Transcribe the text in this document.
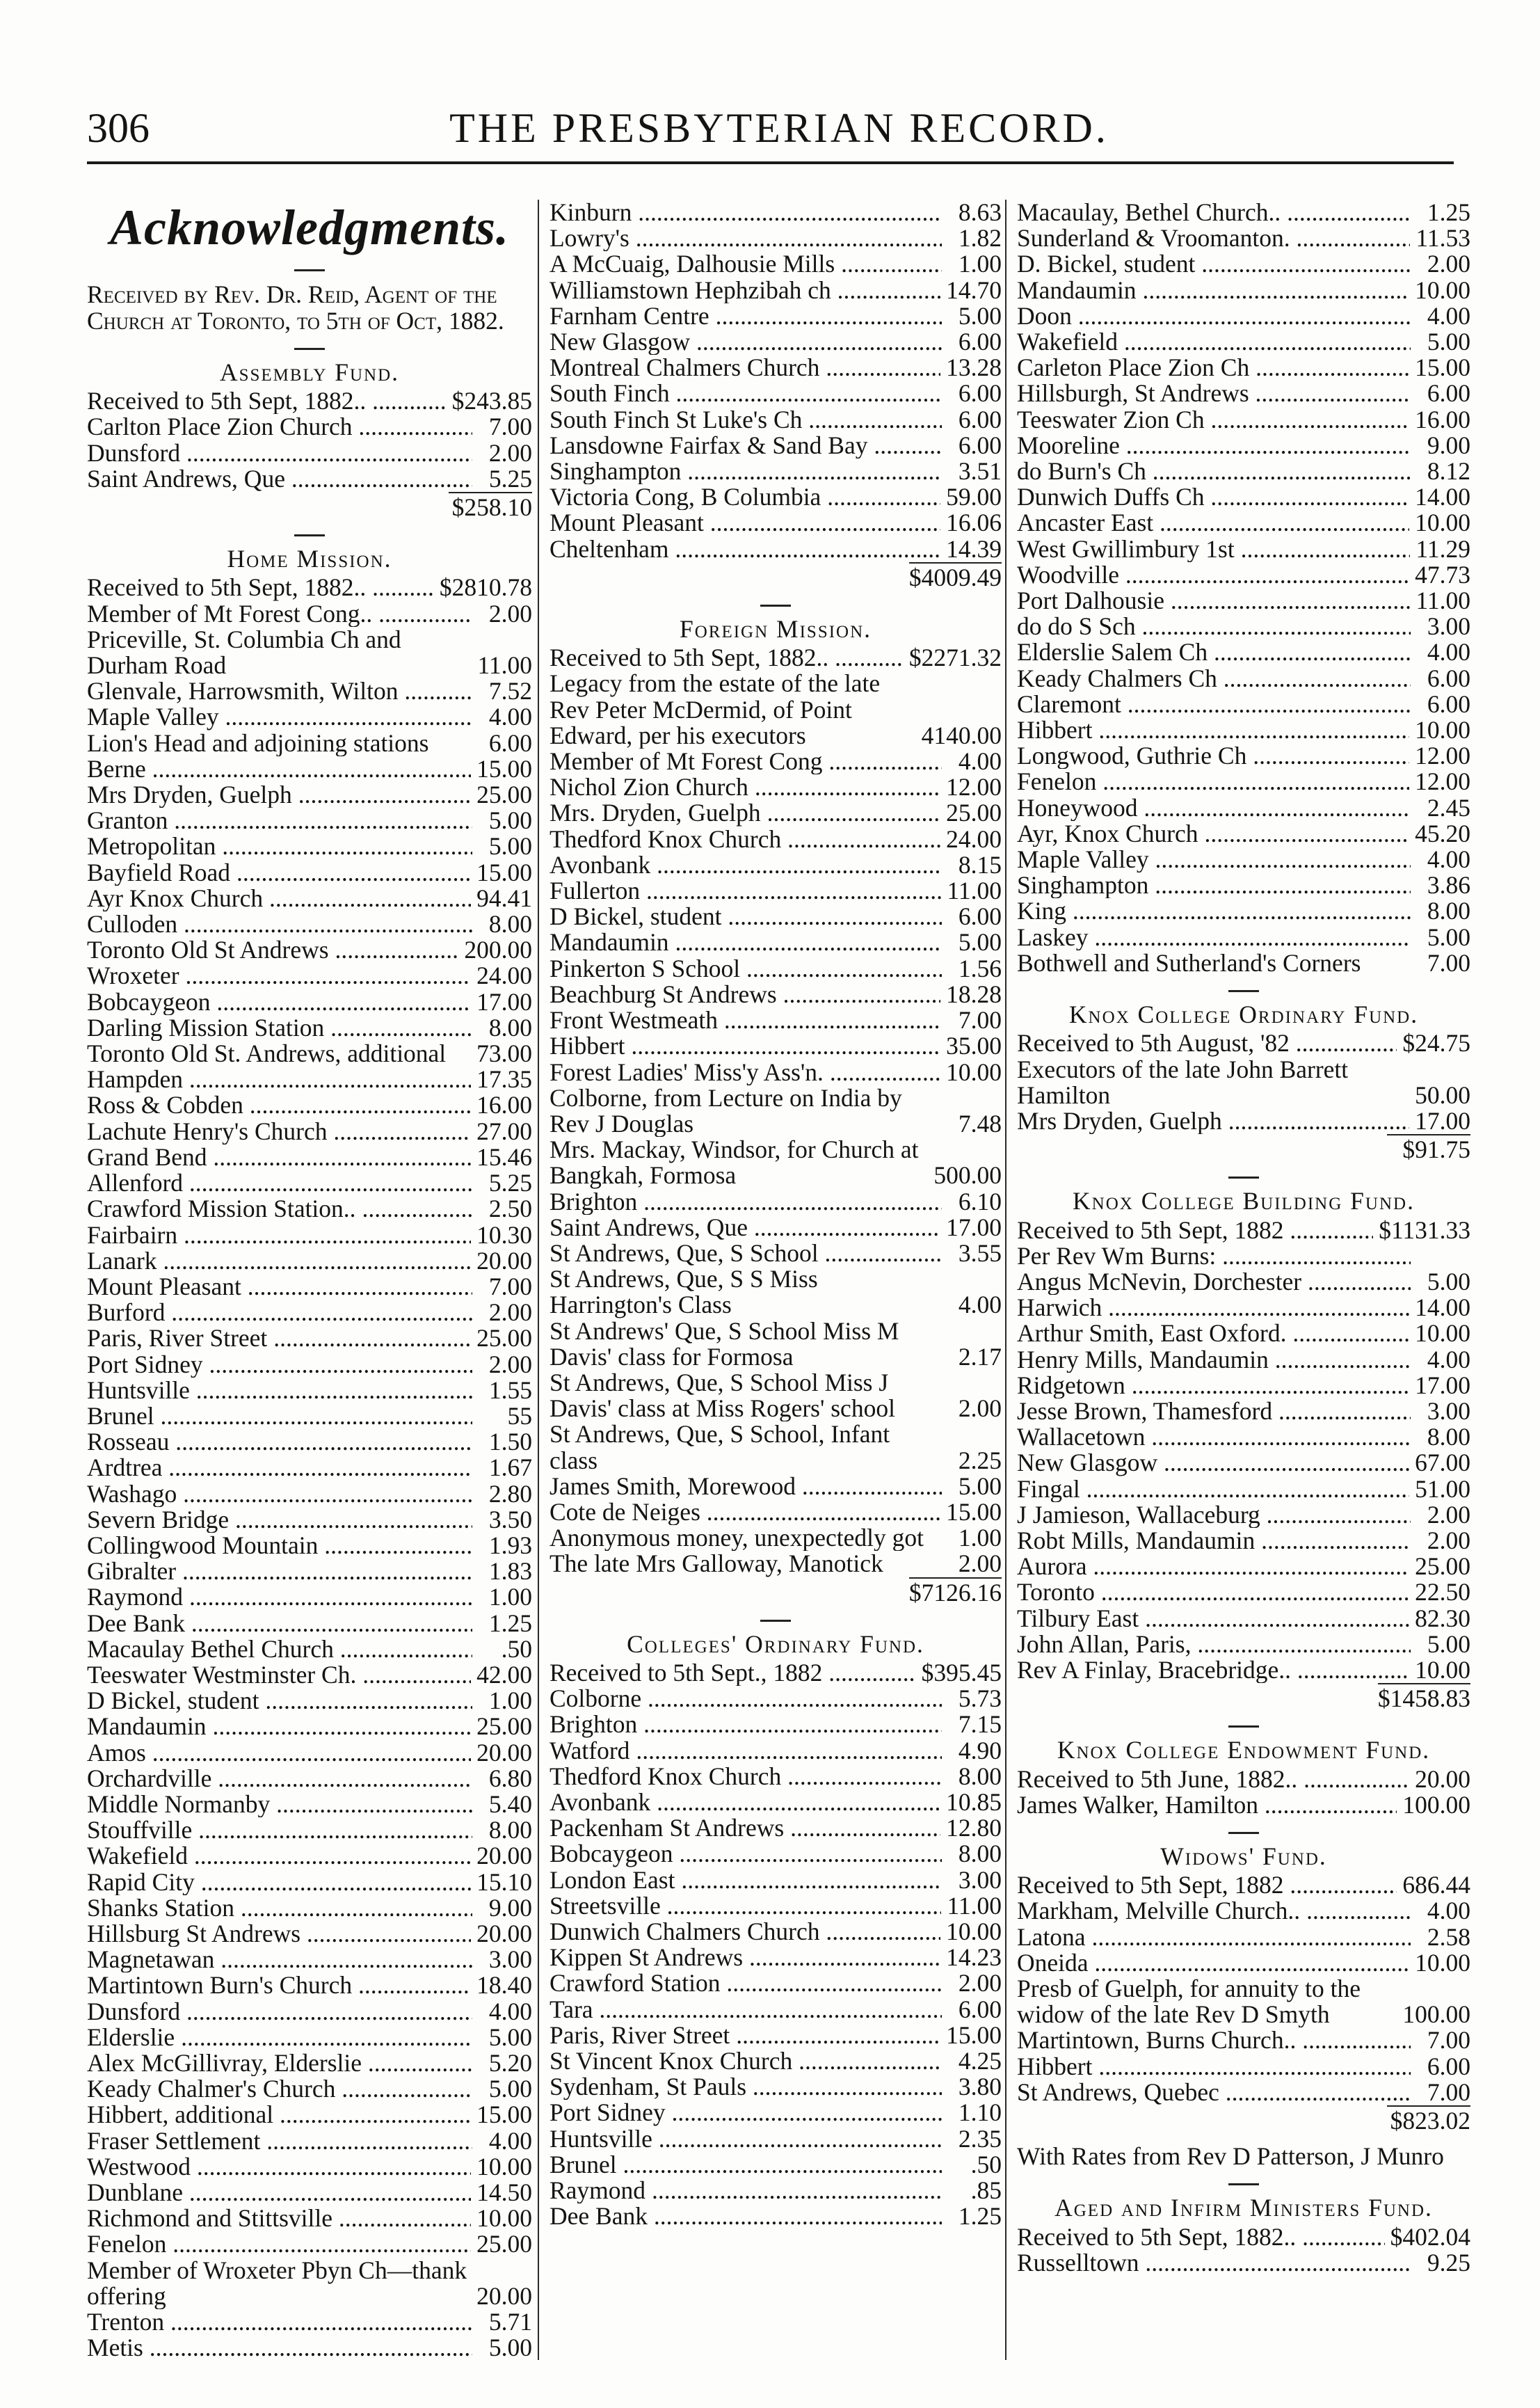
306	THE PRESBYTERIAN RECORD.
Acknowledgments.
Received by Rev. Dr. Reid, Agent of the Church at Toronto, to 5th of Oct, 1882.
Assembly Fund.
Received to 5th Sept, 1882.. .....	$243.85
Carlton Place Zion Church .....	7.00
Dunsford .....	2.00
Saint Andrews, Que .....	5.25
$258.10
Home Mission.
Received to 5th Sept, 1882.. .....	$2810.78
Member of Mt Forest Cong.. .....	2.00
Priceville, St. Columbia Ch and Durham Road	11.00
Glenvale, Harrowsmith, Wilton .....	7.52
Maple Valley .....	4.00
Lion's Head and adjoining stations	6.00
Berne .....	15.00
Mrs Dryden, Guelph .....	25.00
Granton .....	5.00
Metropolitan .....	5.00
Bayfield Road .....	15.00
Ayr Knox Church .....	94.41
Culloden .....	8.00
Toronto Old St Andrews .....	200.00
Wroxeter .....	24.00
Bobcaygeon .....	17.00
Darling Mission Station .....	8.00
Toronto Old St. Andrews, additional	73.00
Hampden .....	17.35
Ross & Cobden .....	16.00
Lachute Henry's Church .....	27.00
Grand Bend .....	15.46
Allenford .....	5.25
Crawford Mission Station.. .....	2.50
Fairbairn .....	10.30
Lanark .....	20.00
Mount Pleasant .....	7.00
Burford .....	2.00
Paris, River Street .....	25.00
Port Sidney .....	2.00
Huntsville .....	1.55
Brunel .....	55
Rosseau .....	1.50
Ardtrea .....	1.67
Washago .....	2.80
Severn Bridge .....	3.50
Collingwood Mountain .....	1.93
Gibralter .....	1.83
Raymond .....	1.00
Dee Bank .....	1.25
Macaulay Bethel Church .....	.50
Teeswater Westminster Ch. .....	42.00
D Bickel, student .....	1.00
Mandaumin .....	25.00
Amos .....	20.00
Orchardville .....	6.80
Middle Normanby .....	5.40
Stouffville .....	8.00
Wakefield .....	20.00
Rapid City .....	15.10
Shanks Station .....	9.00
Hillsburg St Andrews .....	20.00
Magnetawan .....	3.00
Martintown Burn's Church .....	18.40
Dunsford .....	4.00
Elderslie .....	5.00
Alex McGillivray, Elderslie .....	5.20
Keady Chalmer's Church .....	5.00
Hibbert, additional .....	15.00
Fraser Settlement .....	4.00
Westwood .....	10.00
Dunblane .....	14.50
Richmond and Stittsville .....	10.00
Fenelon .....	25.00
Member of Wroxeter Pbyn Ch—thank offering	20.00
Trenton .....	5.71
Metis .....	5.00
Kinburn .....	8.63
Lowry's .....	1.82
A McCuaig, Dalhousie Mills .....	1.00
Williamstown Hephzibah ch .....	14.70
Farnham Centre .....	5.00
New Glasgow .....	6.00
Montreal Chalmers Church .....	13.28
South Finch .....	6.00
South Finch St Luke's Ch .....	6.00
Lansdowne Fairfax & Sand Bay .....	6.00
Singhampton .....	3.51
Victoria Cong, B Columbia .....	59.00
Mount Pleasant .....	16.06
Cheltenham .....	14.39
$4009.49
Foreign Mission.
Received to 5th Sept, 1882.. .....	$2271.32
Legacy from the estate of the late Rev Peter McDermid, of Point Edward, per his executors	4140.00
Member of Mt Forest Cong .....	4.00
Nichol Zion Church .....	12.00
Mrs. Dryden, Guelph .....	25.00
Thedford Knox Church .....	24.00
Avonbank .....	8.15
Fullerton .....	11.00
D Bickel, student .....	6.00
Mandaumin .....	5.00
Pinkerton S School .....	1.56
Beachburg St Andrews .....	18.28
Front Westmeath .....	7.00
Hibbert .....	35.00
Forest Ladies' Miss'y Ass'n. .....	10.00
Colborne, from Lecture on India by Rev J Douglas	7.48
Mrs. Mackay, Windsor, for Church at Bangkah, Formosa	500.00
Brighton .....	6.10
Saint Andrews, Que .....	17.00
St Andrews, Que, S School .....	3.55
St Andrews, Que, S S Miss Harrington's Class	4.00
St Andrews' Que, S School Miss M Davis' class for Formosa	2.17
St Andrews, Que, S School Miss J Davis' class at Miss Rogers' school	2.00
St Andrews, Que, S School, Infant class	2.25
James Smith, Morewood .....	5.00
Cote de Neiges .....	15.00
Anonymous money, unexpectedly got	1.00
The late Mrs Galloway, Manotick	2.00
$7126.16
Colleges' Ordinary Fund.
Received to 5th Sept., 1882 .....	$395.45
Colborne .....	5.73
Brighton .....	7.15
Watford .....	4.90
Thedford Knox Church .....	8.00
Avonbank .....	10.85
Packenham St Andrews .....	12.80
Bobcaygeon .....	8.00
London East .....	3.00
Streetsville .....	11.00
Dunwich Chalmers Church .....	10.00
Kippen St Andrews .....	14.23
Crawford Station .....	2.00
Tara .....	6.00
Paris, River Street .....	15.00
St Vincent Knox Church .....	4.25
Sydenham, St Pauls .....	3.80
Port Sidney .....	1.10
Huntsville .....	2.35
Brunel .....	.50
Raymond .....	.85
Dee Bank .....	1.25
Macaulay, Bethel Church.. .....	1.25
Sunderland & Vroomanton. .....	11.53
D. Bickel, student .....	2.00
Mandaumin .....	10.00
Doon .....	4.00
Wakefield .....	5.00
Carleton Place Zion Ch .....	15.00
Hillsburgh, St Andrews .....	6.00
Teeswater Zion Ch .....	16.00
Mooreline .....	9.00
do Burn's Ch .....	8.12
Dunwich Duffs Ch .....	14.00
Ancaster East .....	10.00
West Gwillimbury 1st .....	11.29
Woodville .....	47.73
Port Dalhousie .....	11.00
do do S Sch .....	3.00
Elderslie Salem Ch .....	4.00
Keady Chalmers Ch .....	6.00
Claremont .....	6.00
Hibbert .....	10.00
Longwood, Guthrie Ch .....	12.00
Fenelon .....	12.00
Honeywood .....	2.45
Ayr, Knox Church .....	45.20
Maple Valley .....	4.00
Singhampton .....	3.86
King .....	8.00
Laskey .....	5.00
Bothwell and Sutherland's Corners	7.00
Knox College Ordinary Fund.
Received to 5th August, '82 .....	$24.75
Executors of the late John Barrett Hamilton	50.00
Mrs Dryden, Guelph .....	17.00
$91.75
Knox College Building Fund.
Received to 5th Sept, 1882 .....	$1131.33
Per Rev Wm Burns: .....
Angus McNevin, Dorchester .....	5.00
Harwich .....	14.00
Arthur Smith, East Oxford. .....	10.00
Henry Mills, Mandaumin .....	4.00
Ridgetown .....	17.00
Jesse Brown, Thamesford .....	3.00
Wallacetown .....	8.00
New Glasgow .....	67.00
Fingal .....	51.00
J Jamieson, Wallaceburg .....	2.00
Robt Mills, Mandaumin .....	2.00
Aurora .....	25.00
Toronto .....	22.50
Tilbury East .....	82.30
John Allan, Paris, .....	5.00
Rev A Finlay, Bracebridge.. .....	10.00
$1458.83
Knox College Endowment Fund.
Received to 5th June, 1882.. .....	20.00
James Walker, Hamilton .....	100.00
Widows' Fund.
Received to 5th Sept, 1882 .....	686.44
Markham, Melville Church.. .....	4.00
Latona .....	2.58
Oneida .....	10.00
Presb of Guelph, for annuity to the widow of the late Rev D Smyth	100.00
Martintown, Burns Church.. .....	7.00
Hibbert .....	6.00
St Andrews, Quebec .....	7.00
$823.02
With Rates from Rev D Patterson, J Munro
Aged and Infirm Ministers Fund.
Received to 5th Sept, 1882.. .....	$402.04
Russelltown .....	9.25
